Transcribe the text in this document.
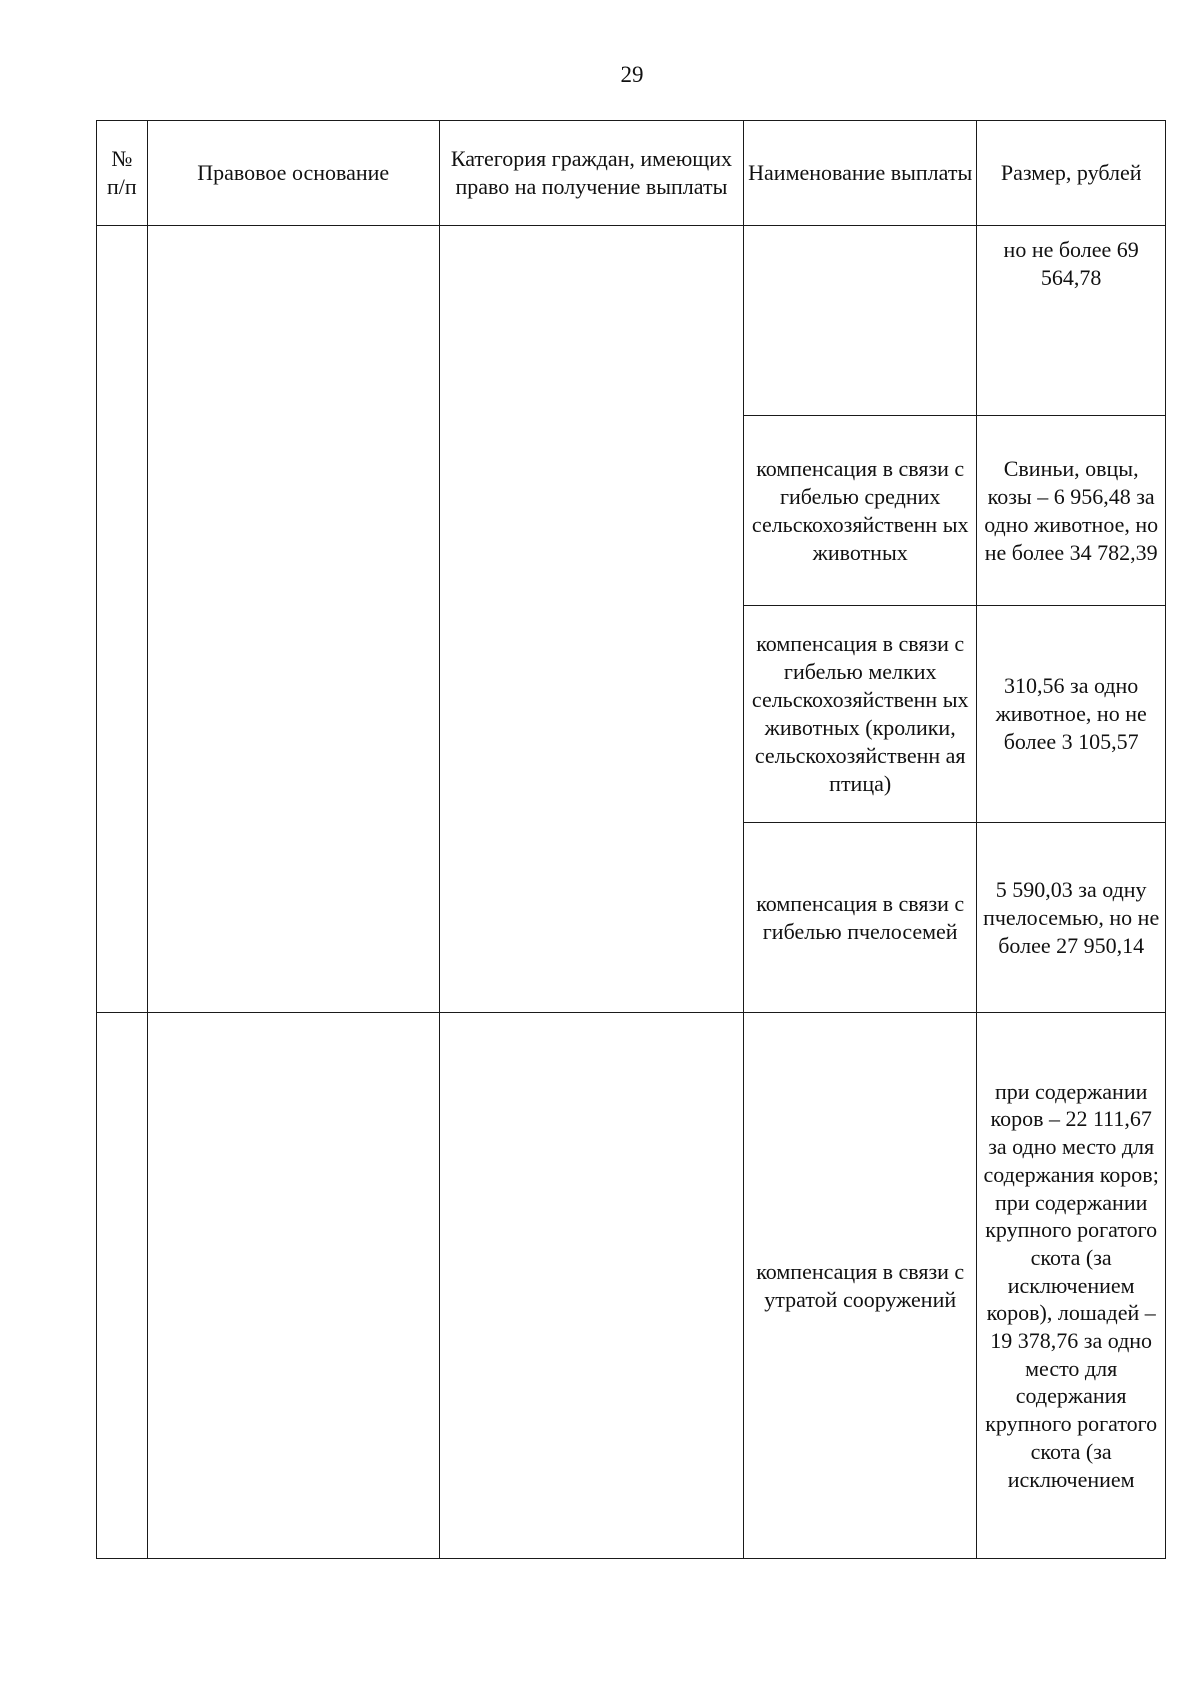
29
№ п/п	Правовое основание	Категория граждан, имеющих право на получение выплаты	Наименование выплаты	Размер, рублей
				но не более 69 564,78
			компенсация в связи с гибелью средних сельскохозяйственн ых животных	Свиньи, овцы, козы – 6 956,48 за одно животное, но не более 34 782,39
			компенсация в связи с гибелью мелких сельскохозяйственн ых животных (кролики, сельскохозяйственн ая птица)	310,56 за одно животное, но не более 3 105,57
			компенсация в связи с гибелью пчелосемей	5 590,03 за одну пчелосемью, но не более 27 950,14
			компенсация в связи с утратой сооружений	при содержании коров – 22 111,67 за одно место для содержания коров; при содержании крупного рогатого скота (за исключением коров), лошадей – 19 378,76 за одно место для содержания крупного рогатого скота (за исключением
